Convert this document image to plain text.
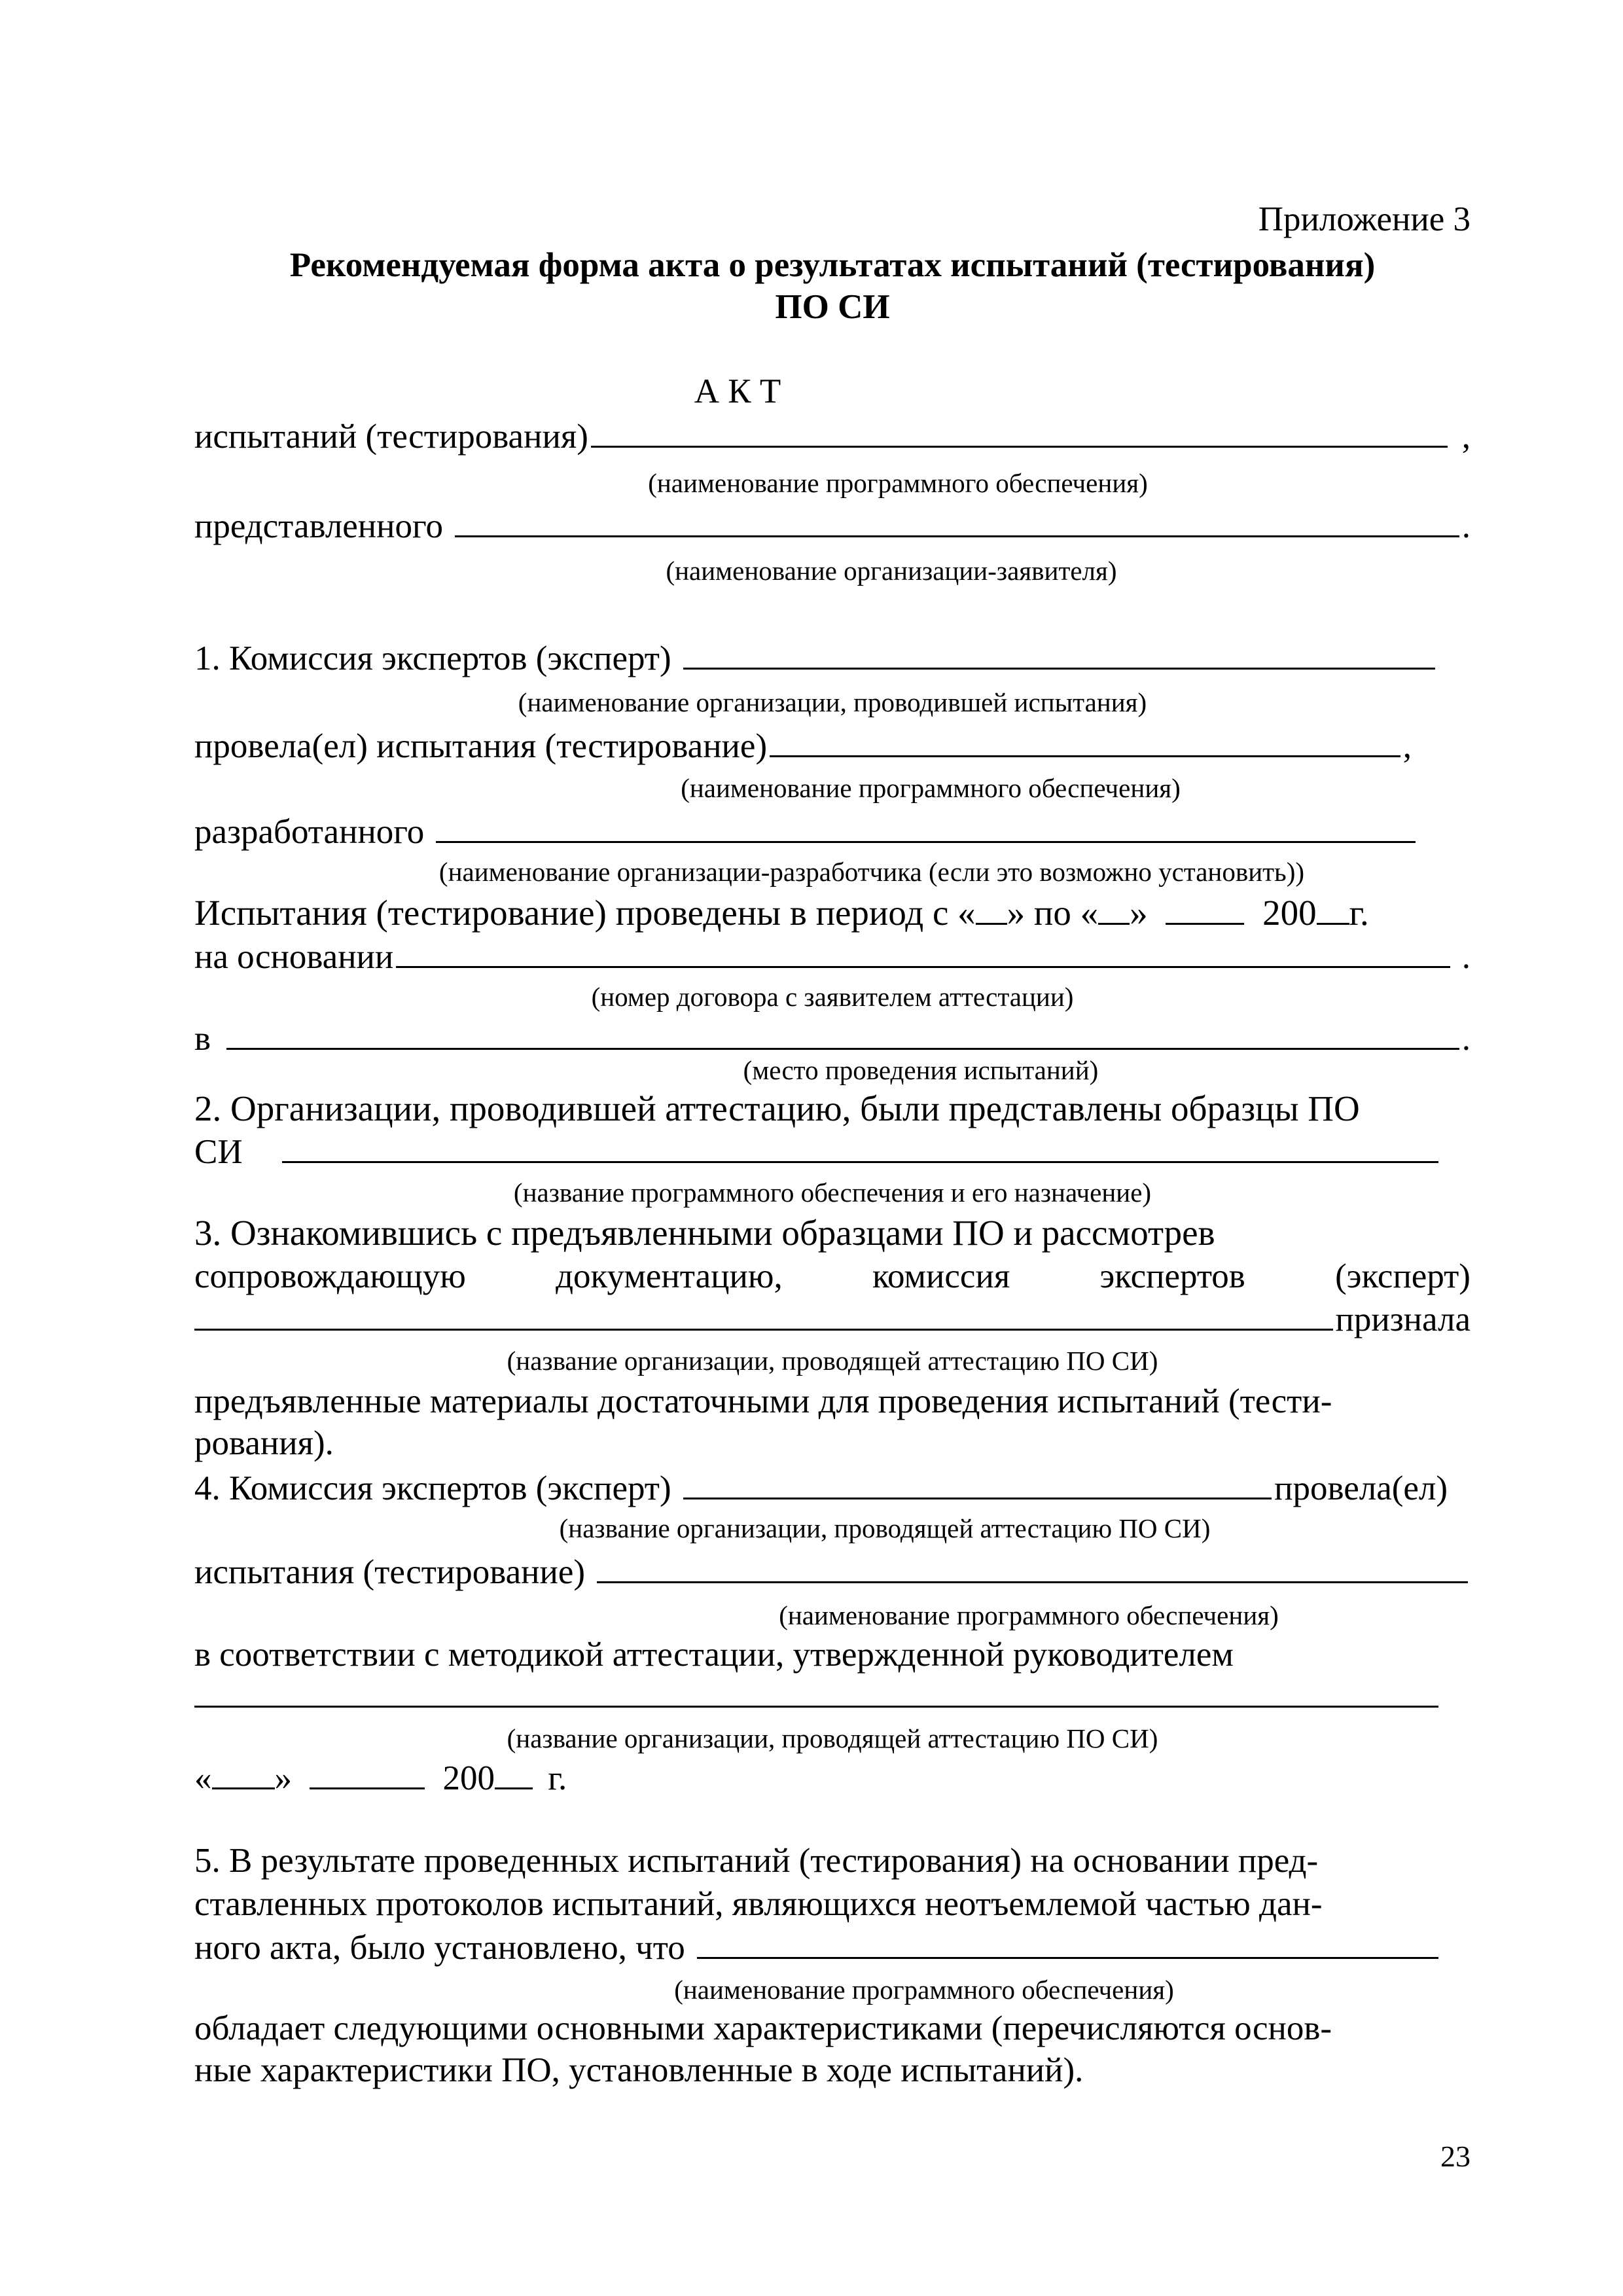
Приложение 3
Рекомендуемая форма акта о результатах испытаний (тестирования)
ПО СИ
А К Т
испытаний (тестирования)	,
(наименование программного обеспечения)
представленного	.
(наименование организации-заявителя)
1. Комиссия экспертов (эксперт)
(наименование организации, проводившей испытания)
провела(ел) испытания (тестирование)	,
(наименование программного обеспечения)
разработанного
(наименование организации-разработчика (если это возможно установить))
Испытания (тестирование) проведены в период с « » по « »	200 г.
на основании	.
(номер договора с заявителем аттестации)
в	.
(место проведения испытаний)
2. Организации, проводившей аттестацию, были представлены образцы ПО
СИ
(название программного обеспечения и его назначение)
3. Ознакомившись с предъявленными образцами ПО и рассмотрев
сопровождающую	документацию,	комиссия	экспертов	(эксперт)
признала
(название организации, проводящей аттестацию ПО СИ)
предъявленные материалы достаточными для проведения испытаний (тести-
рования).
4. Комиссия экспертов (эксперт)	провела(ел)
(название организации, проводящей аттестацию ПО СИ)
испытания (тестирование)
(наименование программного обеспечения)
в соответствии с методикой аттестации, утвержденной руководителем
(название организации, проводящей аттестацию ПО СИ)
« »	200 г.
5. В результате проведенных испытаний (тестирования) на основании пред-
ставленных протоколов испытаний, являющихся неотъемлемой частью дан-
ного акта, было установлено, что
(наименование программного обеспечения)
обладает следующими основными характеристиками (перечисляются основ-
ные характеристики ПО, установленные в ходе испытаний).
23
